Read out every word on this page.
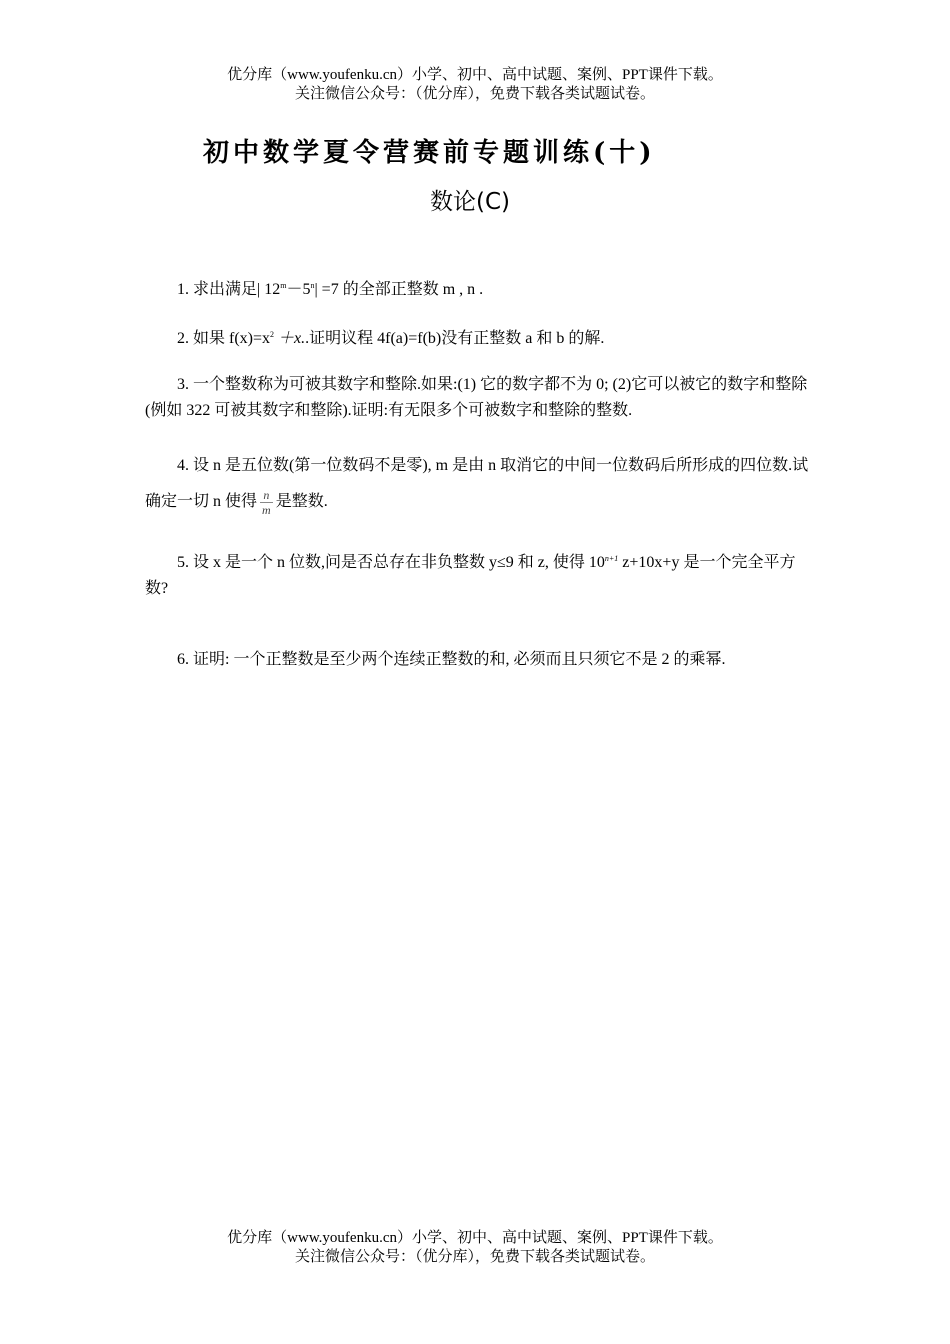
优分库（www.youfenku.cn）小学、初中、高中试题、案例、PPT课件下载。
关注微信公众号：（优分库），免费下载各类试题试卷。
初中数学夏令营赛前专题训练(十)
数论(C)
1. 求出满足| $12^m-5^n| =7$ 的全部正整数 m , n .
2. 如果 $f(x)=x^2 +x$..证明议程 4f(a)=f(b)没有正整数 a 和 b 的解.
3. 一个整数称为可被其数字和整除.如果:(1) 它的数字都不为 0; (2)它可以被它的数字和整除(例如 322 可被其数字和整除).证明:有无限多个可被数字和整除的整数.
4. 设 n 是五位数(第一位数码不是零), m 是由 n 取消它的中间一位数码后所形成的四位数.试确定一切 n 使得 $\frac{n}{m}$ 是整数.
5. 设 x 是一个 n 位数,问是否总存在非负整数 y≤9 和 z, 使得 $10^{n+1}$ z+10x+y 是一个完全平方数?
6. 证明: 一个正整数是至少两个连续正整数的和, 必须而且只须它不是 2 的乘幂.
优分库（www.youfenku.cn）小学、初中、高中试题、案例、PPT课件下载。
关注微信公众号：（优分库），免费下载各类试题试卷。
